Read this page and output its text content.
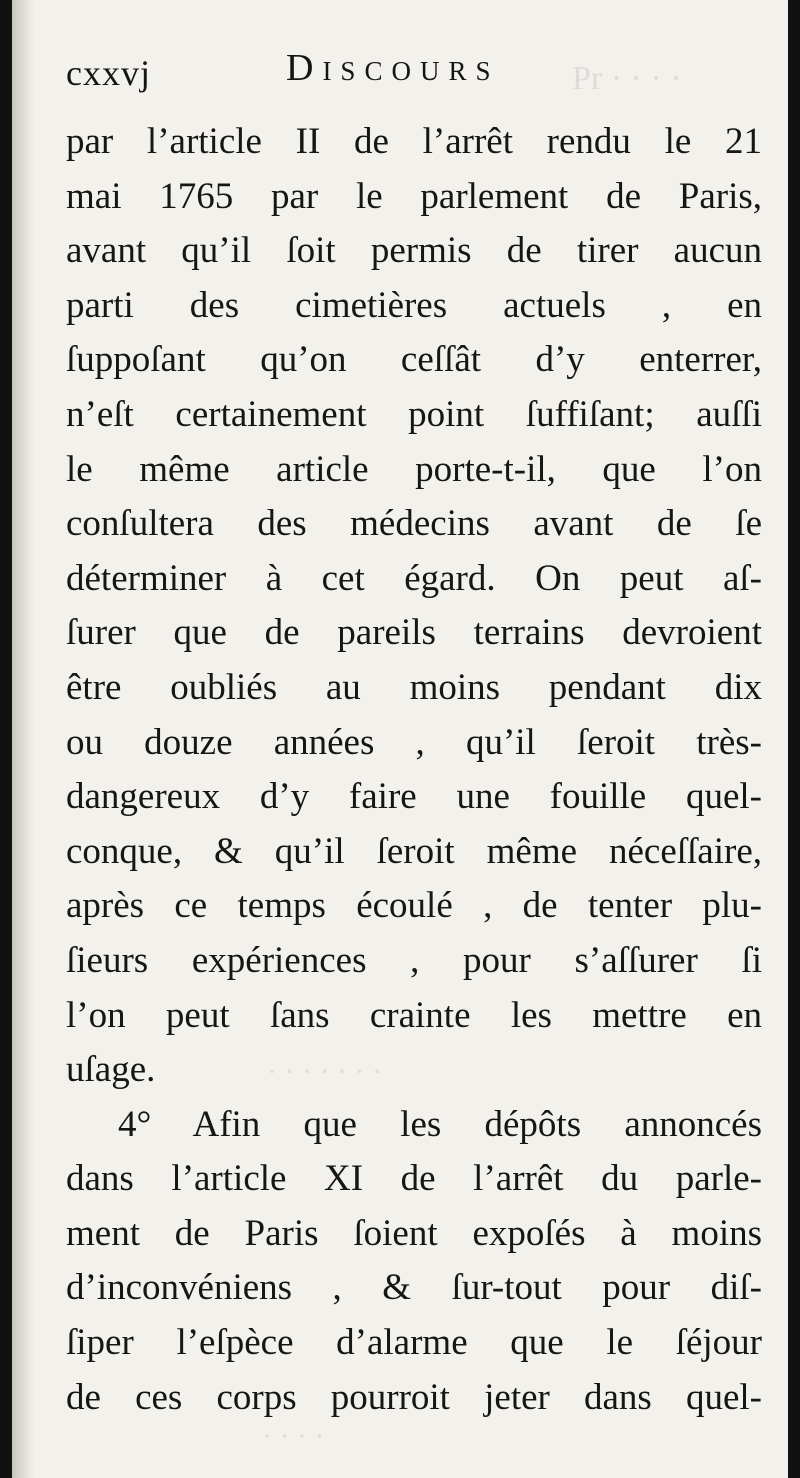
Pr · · · ·
· · · · · · ·
· · · ·
cxxvj	Discours
par l’article II de l’arrêt rendu le 21
mai 1765 par le parlement de Paris,
avant qu’il ſoit permis de tirer aucun
parti des cimetières actuels , en
ſuppoſant qu’on ceſſât d’y enterrer,
n’eſt certainement point ſuffiſant; auſſi
le même article porte-t-il, que l’on
conſultera des médecins avant de ſe
déterminer à cet égard. On peut aſ-
ſurer que de pareils terrains devroient
être oubliés au moins pendant dix
ou douze années , qu’il ſeroit très-
dangereux d’y faire une fouille quel-
conque, & qu’il ſeroit même néceſſaire,
après ce temps écoulé , de tenter plu-
ſieurs expériences , pour s’aſſurer ſi
l’on peut ſans crainte les mettre en
uſage.
4° Afin que les dépôts annoncés
dans l’article XI de l’arrêt du parle-
ment de Paris ſoient expoſés à moins
d’inconvéniens , & ſur-tout pour diſ-
ſiper l’eſpèce d’alarme que le ſéjour
de ces corps pourroit jeter dans quel-
